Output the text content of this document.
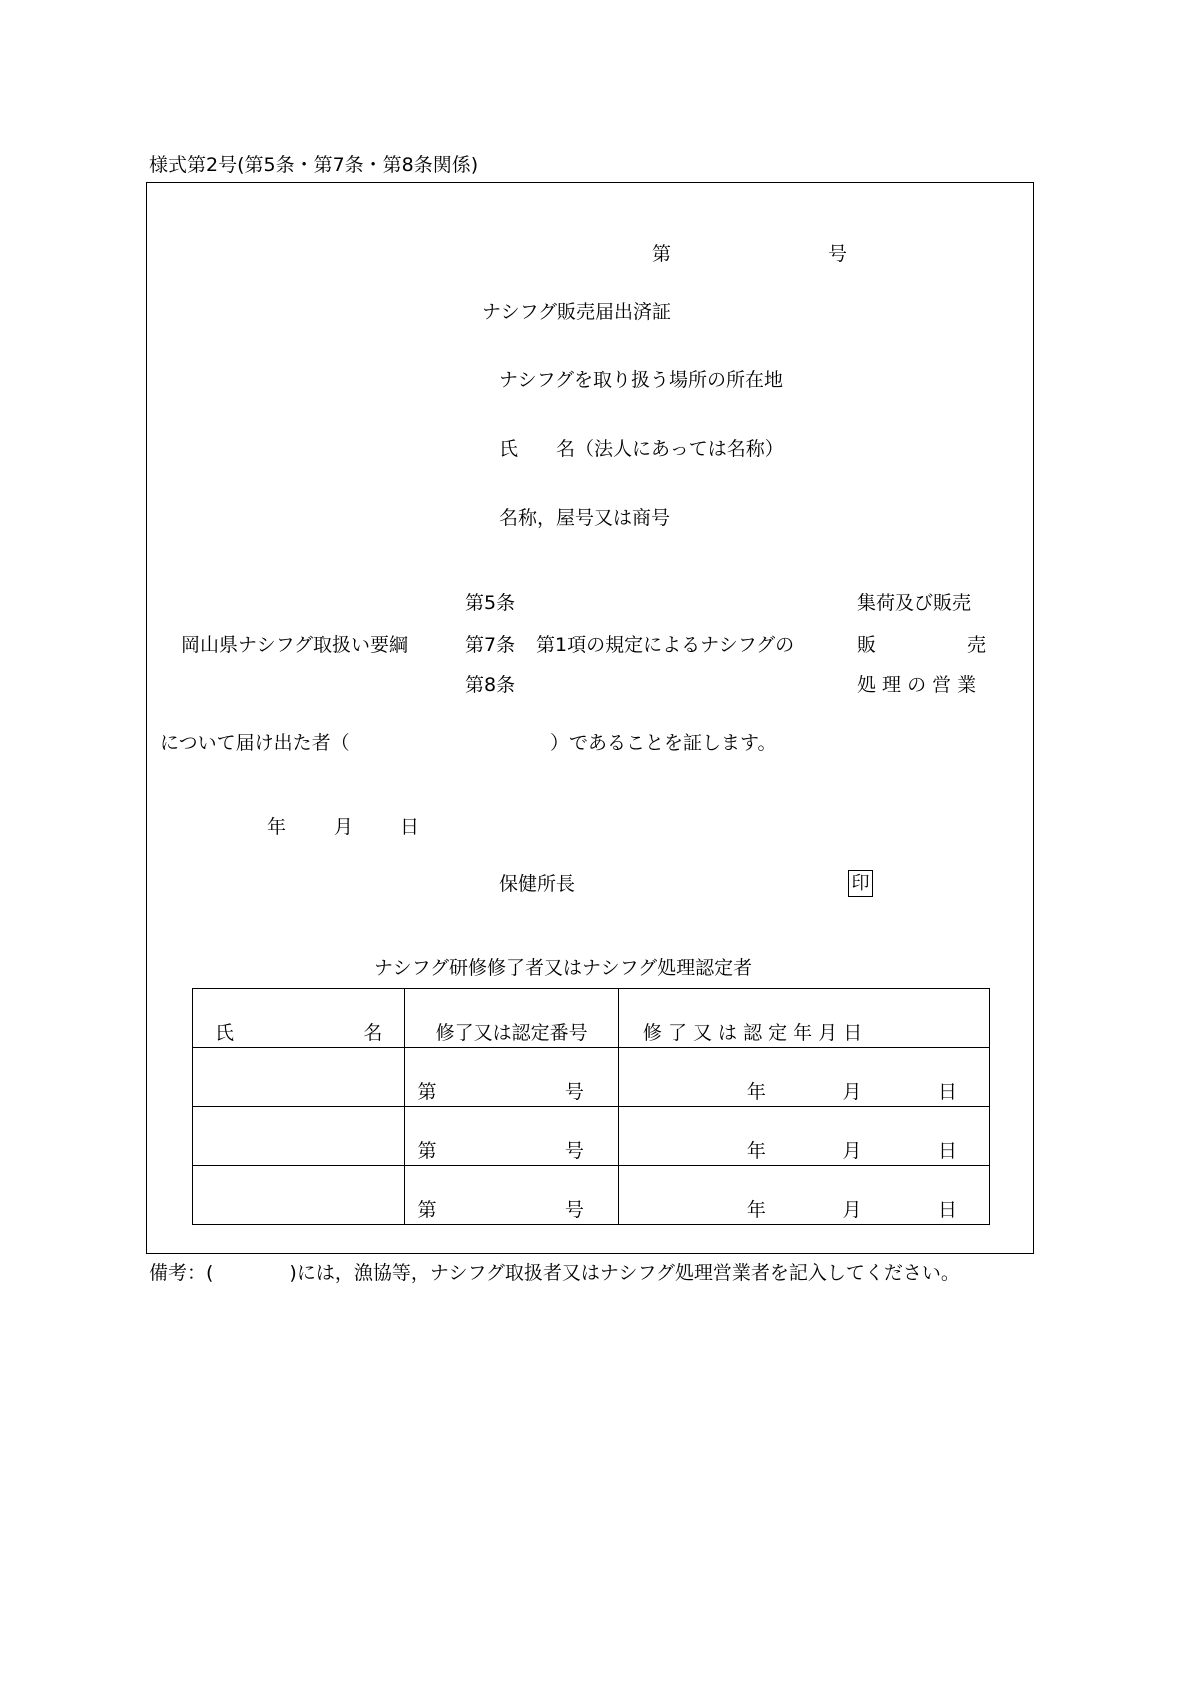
様式第2号(第5条・第7条・第8条関係)
第	号
ナシフグ販売届出済証
ナシフグを取り扱う場所の所在地
氏　　名（法人にあっては名称）
名称，屋号又は商号
第5条	集荷及び販売
岡山県ナシフグ取扱い要綱	第7条 第1項の規定によるナシフグの	販　　売
第8条	処 理 の 営 業
について届け出た者（	）であることを証します。
年	月 日
保健所長	印
ナシフグ研修修了者又はナシフグ処理認定者
氏 名	修了又は認定番号	修 了 又 は 認 定 年 月 日

	第 号	年 月 日

	第 号	年 月 日

	第 号	年 月 日
備考：(　　　　)には，漁協等，ナシフグ取扱者又はナシフグ処理営業者を記入してください。
